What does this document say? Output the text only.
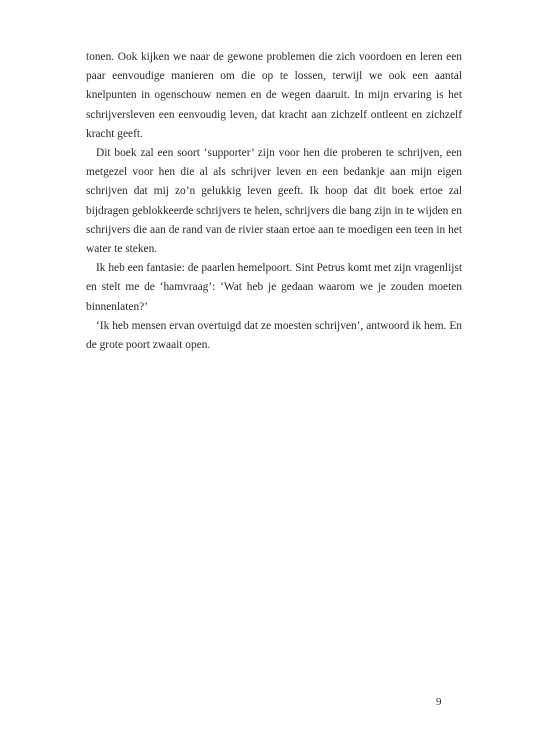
tonen. Ook kijken we naar de gewone problemen die zich voordoen en leren een paar eenvoudige manieren om die op te lossen, terwijl we ook een aantal knelpunten in ogenschouw nemen en de wegen daaruit. In mijn ervaring is het schrijversleven een eenvoudig leven, dat kracht aan zichzelf ontleent en zichzelf kracht geeft.

Dit boek zal een soort ‘supporter’ zijn voor hen die proberen te schrijven, een metgezel voor hen die al als schrijver leven en een bedankje aan mijn eigen schrijven dat mij zo’n gelukkig leven geeft. Ik hoop dat dit boek ertoe zal bijdragen geblokkeerde schrijvers te helen, schrijvers die bang zijn in te wijden en schrijvers die aan de rand van de rivier staan ertoe aan te moedigen een teen in het water te steken.

Ik heb een fantasie: de paarlen hemelpoort. Sint Petrus komt met zijn vragenlijst en stelt me de ‘hamvraag’: ‘Wat heb je gedaan waarom we je zouden moeten binnenlaten?’

‘Ik heb mensen ervan overtuigd dat ze moesten schrijven’, antwoord ik hem. En de grote poort zwaait open.

9
